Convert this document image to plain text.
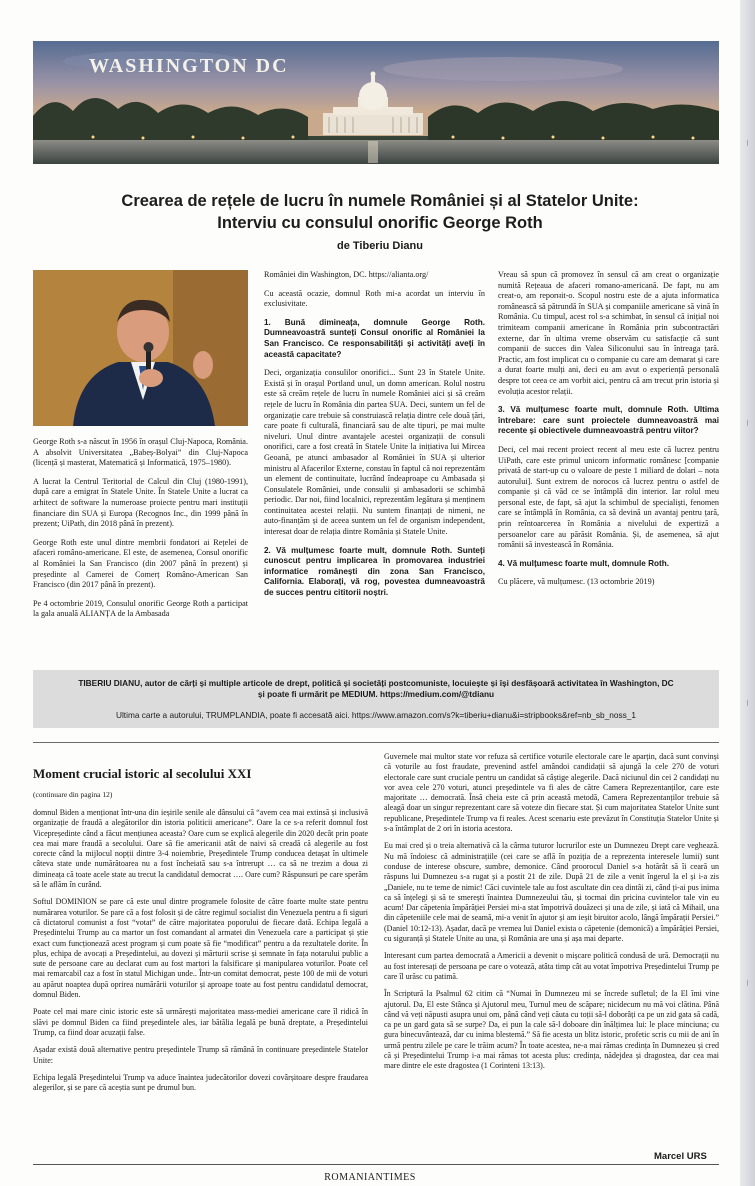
WASHINGTON DC
Crearea de rețele de lucru în numele României și al Statelor Unite:
Interviu cu consulul onorific George Roth
de Tiberiu Dianu

George Roth s-a născut în 1956 în orașul Cluj-Napoca, România. A absolvit Universitatea „Babeș-Bolyai” din Cluj-Napoca (licență și masterat, Matematică și Informatică, 1975–1980).

A lucrat la Centrul Teritorial de Calcul din Cluj (1980-1991), după care a emigrat în Statele Unite. În Statele Unite a lucrat ca arhitect de software la numeroase proiecte pentru mari instituții financiare din SUA și Europa (Recognos Inc., din 1999 până în prezent; UiPath, din 2018 până în prezent).

George Roth este unul dintre membrii fondatori ai Rețelei de afaceri româno-americane. El este, de asemenea, Consul onorific al României la San Francisco (din 2007 până în prezent) și președinte al Camerei de Comerț Româno-American San Francisco (din 2017 până în prezent).

Pe 4 octombrie 2019, Consulul onorific George Roth a participat la gala anuală ALIANȚA de la Ambasada

României din Washington, DC. https://alianta.org/

Cu această ocazie, domnul Roth mi-a acordat un interviu în exclusivitate.

1. Bună dimineața, domnule George Roth. Dumneavoastră sunteți Consul onorific al României la San Francisco. Ce responsabilități și activități aveți în această capacitate?

Deci, organizația consulilor onorifici... Sunt 23 în Statele Unite. Există și în orașul Portland unul, un domn american. Rolul nostru este să creăm rețele de lucru în numele României aici și să creăm rețele de lucru în România din partea SUA. Deci, suntem un fel de organizație care trebuie să construiască relația dintre cele două țări, care poate fi culturală, financiară sau de alte tipuri, pe mai multe niveluri. Unul dintre avantajele acestei organizații de consuli onorifici, care a fost creată în Statele Unite la inițiativa lui Mircea Geoană, pe atunci ambasador al României în SUA și ulterior ministru al Afacerilor Externe, constau în faptul că noi reprezentăm un element de continuitate, lucrând îndeaproape cu Ambasada și Consulatele României, unde consulii și ambasadorii se schimbă periodic. Dar noi, fiind localnici, reprezentăm legătura și menținem continuitatea acestei relații. Nu suntem finanțați de nimeni, ne auto-finanțăm și de aceea suntem un fel de organism independent, interesat doar de relația dintre România și Statele Unite.

2. Vă mulțumesc foarte mult, domnule Roth. Sunteți cunoscut pentru implicarea în promovarea industriei informatice românești din zona San Francisco, California. Elaborați, vă rog, povestea dumneavoastră de succes pentru cititorii noștri.

Vreau să spun că promovez în sensul că am creat o organizație numită Rețeaua de afaceri romano-americană. De fapt, nu am creat-o, am reporнit-o. Scopul nostru este de a ajuta informatica românească să pătrundă în SUA și companiile americane să vină în România. Cu timpul, acest rol s-a schimbat, în sensul că inițial noi trimiteam companii americane în România prin subcontractări externe, dar în ultima vreme observăm cu satisfacție că sunt companii de succes din Valea Siliconului sau în întreaga țară. Practic, am fost implicat cu o companie cu care am demarat și care a durat foarte mulți ani, deci eu am avut o experiență personală despre tot ceea ce am vorbit aici, pentru că am trecut prin istoria și evoluția acestor relații.

3. Vă mulțumesc foarte mult, domnule Roth. Ultima întrebare: care sunt proiectele dumneavoastră mai recente și obiectivele dumneavoastră pentru viitor?

Deci, cel mai recent proiect recent al meu este că lucrez pentru UiPath, care este primul unicorn informatic românesc [companie privată de start-up cu o valoare de peste 1 miliard de dolari – nota autorului]. Sunt extrem de norocos că lucrez pentru o astfel de companie și că văd ce se întâmplă din interior. Iar rolul meu personal este, de fapt, să ajut la schimbul de specialiști, fenomen care se întâmplă în România, ca să devină un avantaj pentru țară, prin reîntoarcerea în România a nivelului de expertiză a persoanelor care au părăsit România. Și, de asemenea, să ajut românii să investească în România.

4. Vă mulțumesc foarte mult, domnule Roth.

Cu plăcere, vă mulțumesc. (13 octombrie 2019)

TIBERIU DIANU, autor de cărți și multiple articole de drept, politică și societăți postcomuniste, locuiește și își desfășoară activitatea în Washington, DC
și poate fi urmărit pe MEDIUM. https://medium.com/@tdianu
Ultima carte a autorului, TRUMPLANDIA, poate fi accesată aici. https://www.amazon.com/s?k=tiberiu+dianu&i=stripbooks&ref=nb_sb_noss_1
Moment crucial istoric al secolului XXI
(continuare din pagina 12)

domnul Biden a menționat într-una din ieșirile senile ale dânsului că “avem cea mai extinsă și inclusivă organizație de fraudă a alegătorilor din istoria politicii americane”. Oare la ce s-a referit domnul fost Vicepreședinte când a făcut mențiunea aceasta? Oare cum se explică alegerile din 2020 decât prin poate cea mai mare fraudă a secolului. Oare să fie americanii atât de naivi să creadă că alegerile au fost corecte când la mijlocul nopții dintre 3-4 noiembrie, Președintele Trump conducea detașat în ultimele câteva state unde numărătoarea nu a fost încheiată sau s-a întrerupt … ca să ne trezim a doua zi dimineața că toate acele state au trecut la candidatul democrat …. Oare cum? Răspunsuri pe care sperăm să le aflăm în curând.

Softul DOMINION se pare că este unul dintre programele folosite de către foarte multe state pentru numărarea voturilor. Se pare că a fost folosit și de către regimul socialist din Venezuela pentru a fi siguri că dictatorul comunist a fost “votat” de către majoritatea poporului de fiecare dată. Echipa legală a Președintelui Trump au ca martor un fost comandant al armatei din Venezuela care a participat și știe exact cum funcționează acest program și cum poate să fie “modificat” pentru a da rezultatele dorite. În plus, echipa de avocați a Președintelui, au dovezi și mărturii scrise și semnate în fața notarului public a sute de persoane care au declarat cum au fost martori la falsificare și manipularea voturilor. Poate cel mai remarcabil caz a fost în statul Michigan unde.. Într-un comitat democrat, peste 100 de mii de voturi au apărut noaptea după oprirea numărării voturilor și aproape toate au fost pentru candidatul democrat, domnul Biden.

Poate cel mai mare cinic istoric este să urmărești majoritatea mass-mediei americane care îl ridică în slăvi pe domnul Biden ca fiind președintele ales, iar bătălia legală pe bună dreptate, a Președintelui Trump, ca fiind doar acuzații false.

Așadar există două alternative pentru președintele Trump să rămână în continuare președintele Statelor Unite:

Echipa legală Președintelui Trump va aduce înaintea judecătorilor dovezi covârșitoare despre fraudarea alegerilor, și se pare că aceștia sunt pe drumul bun.

Guvernele mai multor state vor refuza să certifice voturile electorale care le aparțin, dacă sunt convinși că voturile au fost fraudate, prevenind astfel amândoi candidații să ajungă la cele 270 de voturi electorale care sunt cruciale pentru un candidat să câștige alegerile. Dacă niciunul din cei 2 candidați nu vor avea cele 270 voturi, atunci președintele va fi ales de către Camera Reprezentanților, care este majoritate … democrată. Însă cheia este că prin această metodă, Camera Reprezentanților trebuie să aleagă doar un singur reprezentant care să voteze din fiecare stat. Și cum majoritatea Statelor Unite sunt republicane, Președintele Trump va fi reales. Acest scenariu este prevăzut în Constituția Statelor Unite și s-a întâmplat de 2 ori în istoria acestora.

Eu mai cred și o treia alternativă că la cârma tuturor lucrurilor este un Dumnezeu Drept care veghează. Nu mă îndoiesc că administrațiile (cei care se află în poziția de a reprezenta interesele lumii) sunt conduse de interese obscure, sumbre, demonice. Când proorocul Daniel s-a hotărât să îi ceară un răspuns lui Dumnezeu s-a rugat și a postit 21 de zile. După 21 de zile a venit îngerul la el și i-a zis „Daniele, nu te teme de nimic! Căci cuvintele tale au fost ascultate din cea dintâi zi, când ți-ai pus inima ca să înțelegi și să te smerești înaintea Dumnezeului tău, și tocmai din pricina cuvintelor tale vin eu acum! Dar căpetenia împărăției Persiei mi-a stat împotrivă douăzeci și una de zile, și iată că Mihail, una din căpeteniile cele mai de seamă, mi-a venit în ajutor și am ieșit biruitor acolo, lângă împărații Persiei.” (Daniel 10:12-13). Așadar, dacă pe vremea lui Daniel exista o căpetenie (demonică) a împărăției Persiei, cu siguranță și Statele Unite au una, și România are una și așa mai departe.

Interesant cum partea democrată a Americii a devenit o mișcare politică condusă de ură. Democrații nu au fost interesați de persoana pe care o votează, atâta timp cât au votat împotriva Președintelui Trump pe care îl urăsc cu patimă.

În Scriptură la Psalmul 62 citim că “Numai în Dumnezeu mi se încrede sufletul; de la El îmi vine ajutorul. Da, El este Stânca și Ajutorul meu, Turnul meu de scăpare; nicidecum nu mă voi clătina. Până când vă veți năpusti asupra unui om, până când veți căuta cu toții să-l doborâți ca pe un zid gata să cadă, ca pe un gard gata să se surpe? Da, ei pun la cale să-l doboare din înălțimea lui: le place minciuna; cu gura binecuvântează, dar cu inima blestemă.” Să fie acesta un blitz istoric, profetic scris cu mii de ani în urmă pentru zilele pe care le trăim acum? În toate acestea, ne-a mai rămas credința în Dumnezeu și cred că și Președintelui Trump i-a mai rămas tot acesta plus: credința, nădejdea și dragostea, dar cea mai mare dintre ele este dragostea (1 Corinteni 13:13).

Marcel URS
ROMANIANTIMES
